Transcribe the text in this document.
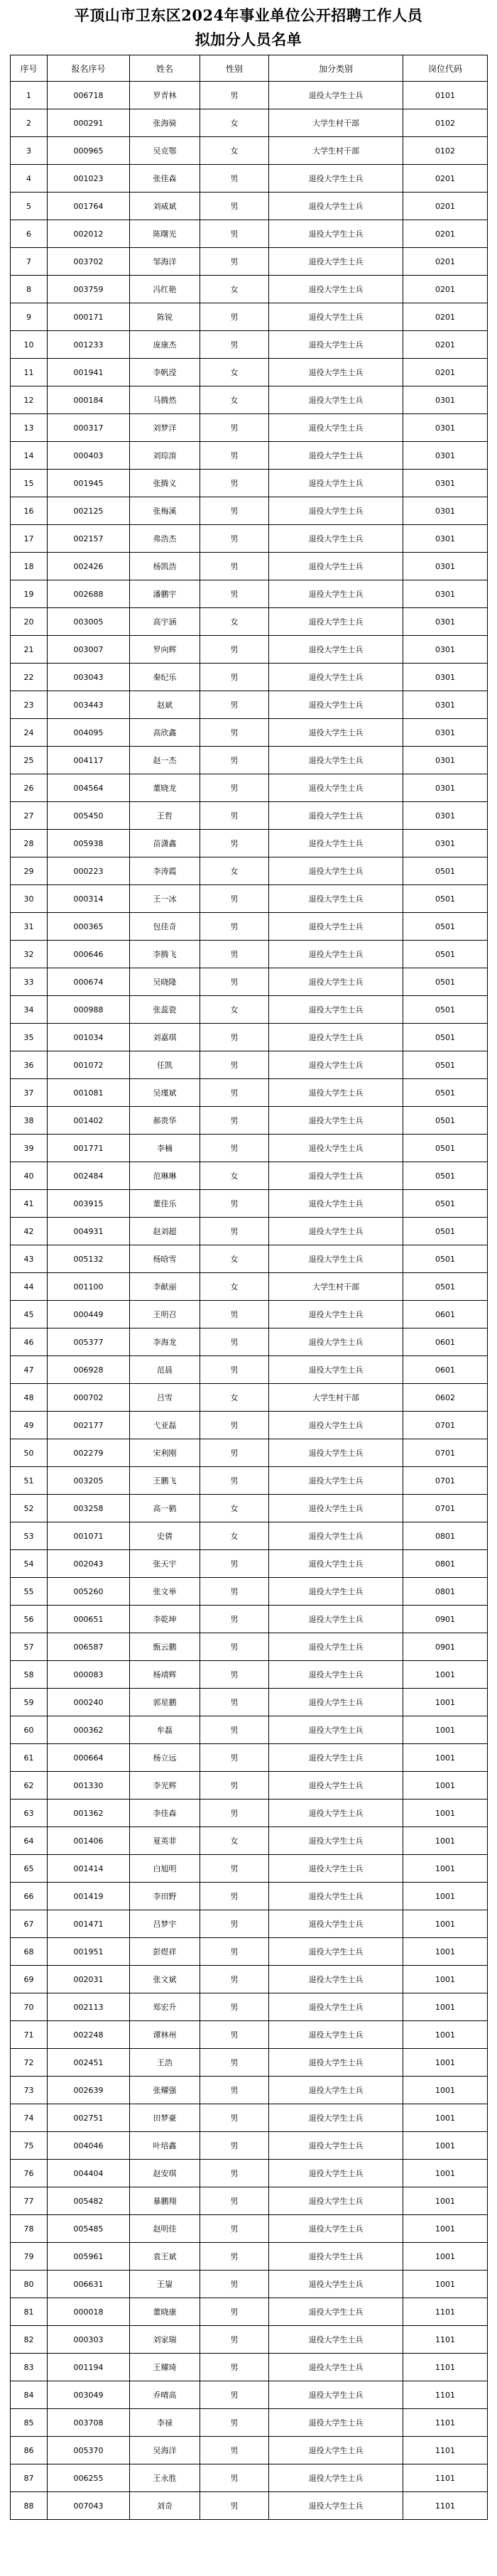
平顶山市卫东区2024年事业单位公开招聘工作人员
拟加分人员名单
序号	报名序号	姓名	性别	加分类别	岗位代码
1	006718	罗青林	男	退役大学生士兵	0101
2	000291	张海骑	女	大学生村干部	0102
3	000965	吴克鄂	女	大学生村干部	0102
4	001023	张佳森	男	退役大学生士兵	0201
5	001764	刘威斌	男	退役大学生士兵	0201
6	002012	陈曙光	男	退役大学生士兵	0201
7	003702	邹海洋	男	退役大学生士兵	0201
8	003759	冯红艳	女	退役大学生士兵	0201
9	000171	陈锐	男	退役大学生士兵	0201
10	001233	庞康杰	男	退役大学生士兵	0201
11	001941	李帆滢	女	退役大学生士兵	0201
12	000184	马腾然	女	退役大学生士兵	0301
13	000317	刘梦洋	男	退役大学生士兵	0301
14	000403	刘琮淯	男	退役大学生士兵	0301
15	001945	张腾义	男	退役大学生士兵	0301
16	002125	张梅溪	男	退役大学生士兵	0301
17	002157	弗浩杰	男	退役大学生士兵	0301
18	002426	杨凯浩	男	退役大学生士兵	0301
19	002688	潘鹏宇	男	退役大学生士兵	0301
20	003005	高宇涵	女	退役大学生士兵	0301
21	003007	罗向辉	男	退役大学生士兵	0301
22	003043	秦纪乐	男	退役大学生士兵	0301
23	003443	赵斌	男	退役大学生士兵	0301
24	004095	高欣鑫	男	退役大学生士兵	0301
25	004117	赵一杰	男	退役大学生士兵	0301
26	004564	董晓龙	男	退役大学生士兵	0301
27	005450	王哲	男	退役大学生士兵	0301
28	005938	苗潇鑫	男	退役大学生士兵	0301
29	000223	李涛霞	女	退役大学生士兵	0501
30	000314	王一冰	男	退役大学生士兵	0501
31	000365	包佳奇	男	退役大学生士兵	0501
32	000646	李腾飞	男	退役大学生士兵	0501
33	000674	吴晓隆	男	退役大学生士兵	0501
34	000988	张蕊瓷	女	退役大学生士兵	0501
35	001034	刘嘉琪	男	退役大学生士兵	0501
36	001072	任凯	男	退役大学生士兵	0501
37	001081	吴瑾斌	男	退役大学生士兵	0501
38	001402	郝贵华	男	退役大学生士兵	0501
39	001771	李楠	男	退役大学生士兵	0501
40	002484	范琳琳	女	退役大学生士兵	0501
41	003915	董佳乐	男	退役大学生士兵	0501
42	004931	赵刘超	男	退役大学生士兵	0501
43	005132	杨晗雪	女	退役大学生士兵	0501
44	001100	李献丽	女	大学生村干部	0501
45	000449	王明召	男	退役大学生士兵	0601
46	005377	李海龙	男	退役大学生士兵	0601
47	006928	范晨	男	退役大学生士兵	0601
48	000702	吕雪	女	大学生村干部	0602
49	002177	弋亚磊	男	退役大学生士兵	0701
50	002279	宋利刚	男	退役大学生士兵	0701
51	003205	王鹏飞	男	退役大学生士兵	0701
52	003258	高一鹤	女	退役大学生士兵	0701
53	001071	史倩	女	退役大学生士兵	0801
54	002043	张天宇	男	退役大学生士兵	0801
55	005260	张文举	男	退役大学生士兵	0801
56	000651	李乾坤	男	退役大学生士兵	0901
57	006587	甄云鹏	男	退役大学生士兵	0901
58	000083	杨靖辉	男	退役大学生士兵	1001
59	000240	郭星鹏	男	退役大学生士兵	1001
60	000362	牟磊	男	退役大学生士兵	1001
61	000664	杨立远	男	退役大学生士兵	1001
62	001330	李光辉	男	退役大学生士兵	1001
63	001362	李佳森	男	退役大学生士兵	1001
64	001406	夏英菲	女	退役大学生士兵	1001
65	001414	白旭明	男	退役大学生士兵	1001
66	001419	李田野	男	退役大学生士兵	1001
67	001471	吕梦宇	男	退役大学生士兵	1001
68	001951	彭煜祥	男	退役大学生士兵	1001
69	002031	张文斌	男	退役大学生士兵	1001
70	002113	郑宏升	男	退役大学生士兵	1001
71	002248	谭林州	男	退役大学生士兵	1001
72	002451	王浩	男	退役大学生士兵	1001
73	002639	张耀强	男	退役大学生士兵	1001
74	002751	田梦豪	男	退役大学生士兵	1001
75	004046	叶培鑫	男	退役大学生士兵	1001
76	004404	赵安琪	男	退役大学生士兵	1001
77	005482	暴鹏翔	男	退役大学生士兵	1001
78	005485	赵明佳	男	退役大学生士兵	1001
79	005961	袁王斌	男	退役大学生士兵	1001
80	006631	王鋆	男	退役大学生士兵	1001
81	000018	董晓康	男	退役大学生士兵	1101
82	000303	刘家瑞	男	退役大学生士兵	1101
83	001194	王耀琦	男	退役大学生士兵	1101
84	003049	乔晴高	男	退役大学生士兵	1101
85	003708	李禄	男	退役大学生士兵	1101
86	005370	吴海洋	男	退役大学生士兵	1101
87	006255	王永胜	男	退役大学生士兵	1101
88	007043	刘奇	男	退役大学生士兵	1101
